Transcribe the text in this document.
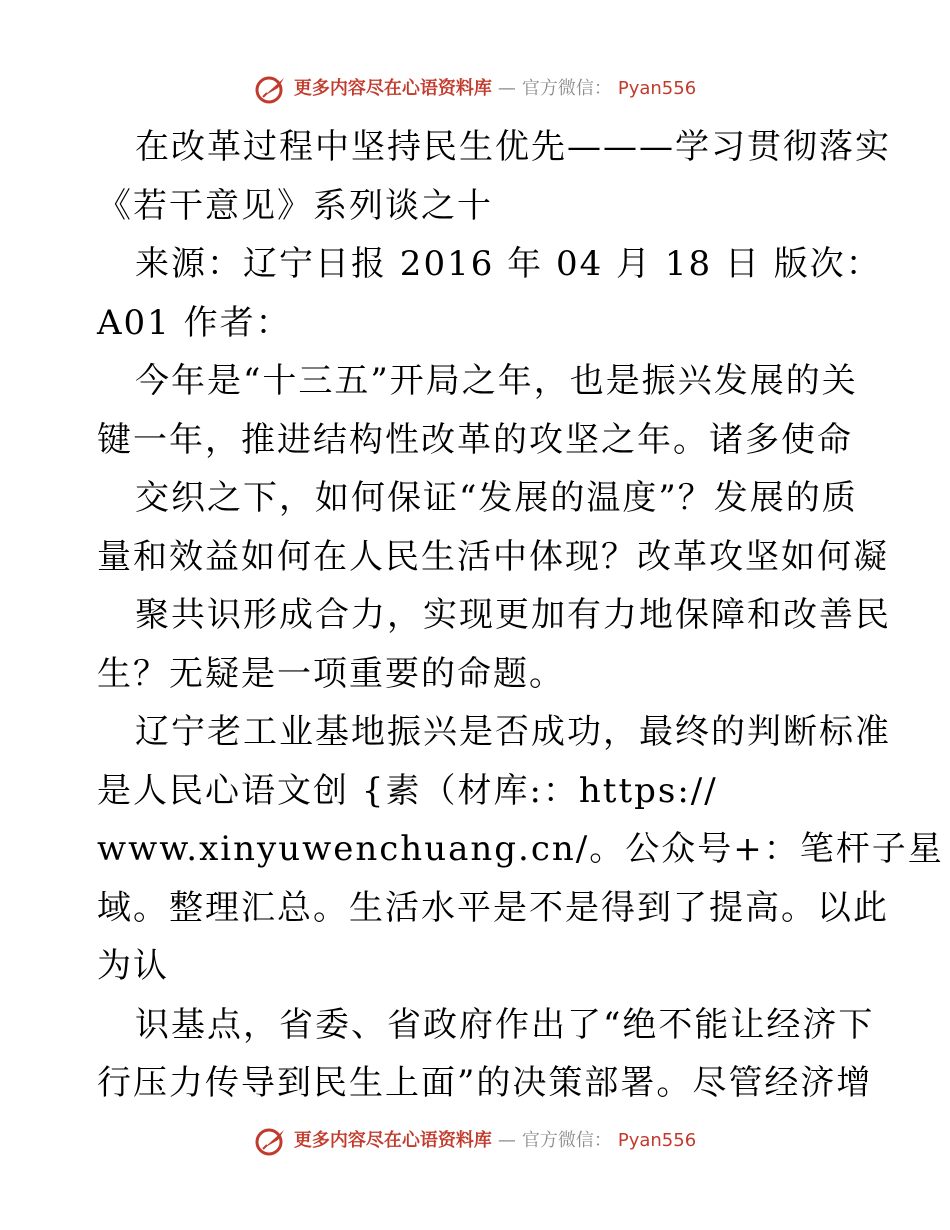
更多内容尽在心语资料库 — 官方微信： Pyan556

在改革过程中坚持民生优先———学习贯彻落实

《若干意见》系列谈之十

来源：辽宁日报 2016 年 04 月 18 日 版次：

A01 作者：

今年是“十三五”开局之年，也是振兴发展的关

键一年，推进结构性改革的攻坚之年。诸多使命

交织之下，如何保证“发展的温度”？发展的质

量和效益如何在人民生活中体现？改革攻坚如何凝

聚共识形成合力，实现更加有力地保障和改善民

生？无疑是一项重要的命题。

辽宁老工业基地振兴是否成功，最终的判断标准

是人民心语文创 {素（材库:：https://

www.xinyuwenchuang.cn/。公众号+：笔杆子星

域。整理汇总。生活水平是不是得到了提高。以此

为认

识基点，省委、省政府作出了“绝不能让经济下

行压力传导到民生上面”的决策部署。尽管经济增

更多内容尽在心语资料库 — 官方微信： Pyan556
